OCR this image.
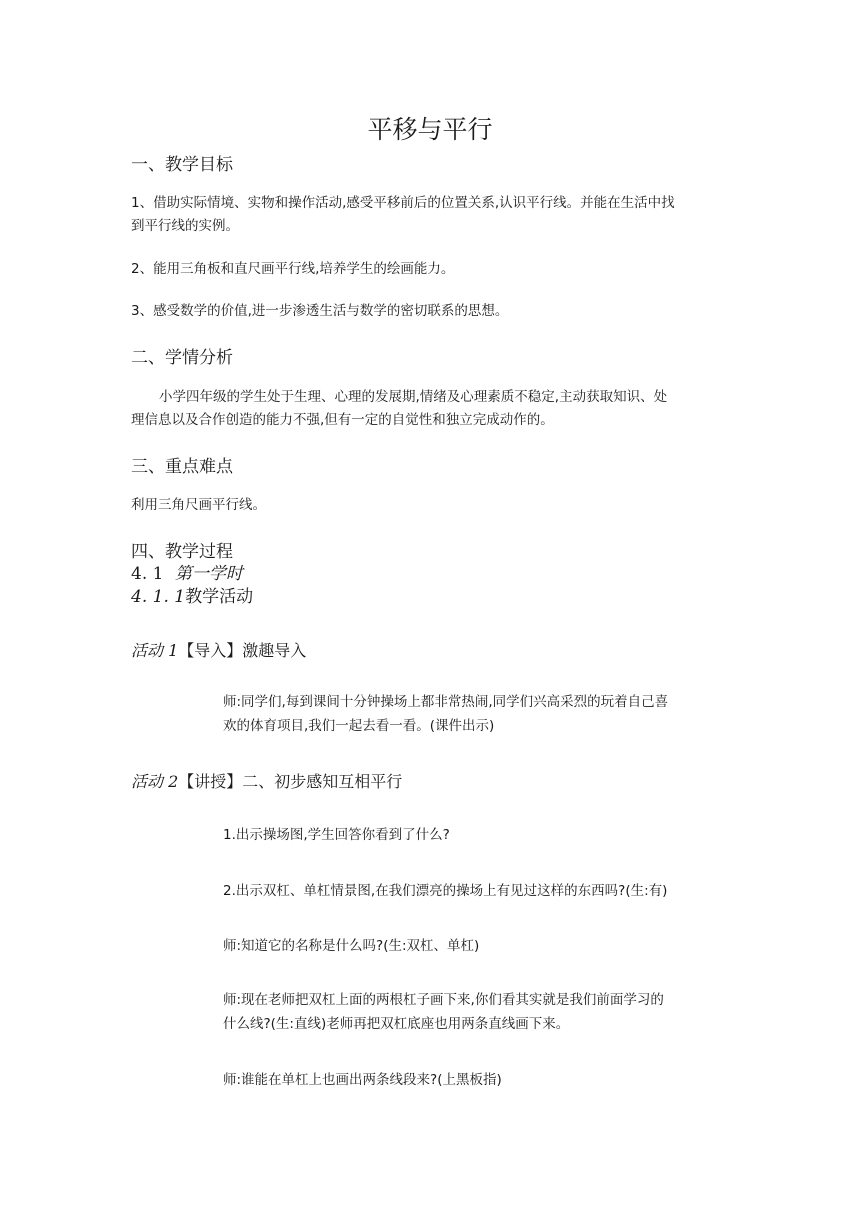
平移与平行
一、教学目标
1、借助实际情境、实物和操作活动,感受平移前后的位置关系,认识平行线。并能在生活中找
到平行线的实例。
2、能用三角板和直尺画平行线,培养学生的绘画能力。
3、感受数学的价值,进一步渗透生活与数学的密切联系的思想。
二、学情分析
小学四年级的学生处于生理、心理的发展期,情绪及心理素质不稳定,主动获取知识、处
理信息以及合作创造的能力不强,但有一定的自觉性和独立完成动作的。
三、重点难点
利用三角尺画平行线。
四、教学过程
4. 1 第一学时
4. 1. 1教学活动
活动 1【导入】激趣导入
师:同学们,每到课间十分钟操场上都非常热闹,同学们兴高采烈的玩着自己喜
欢的体育项目,我们一起去看一看。(课件出示)
活动 2【讲授】二、初步感知互相平行
1.出示操场图,学生回答你看到了什么?
2.出示双杠、单杠情景图,在我们漂亮的操场上有见过这样的东西吗?(生:有)
师:知道它的名称是什么吗?(生:双杠、单杠)
师:现在老师把双杠上面的两根杠子画下来,你们看其实就是我们前面学习的
什么线?(生:直线)老师再把双杠底座也用两条直线画下来。
师:谁能在单杠上也画出两条线段来?(上黑板指)
